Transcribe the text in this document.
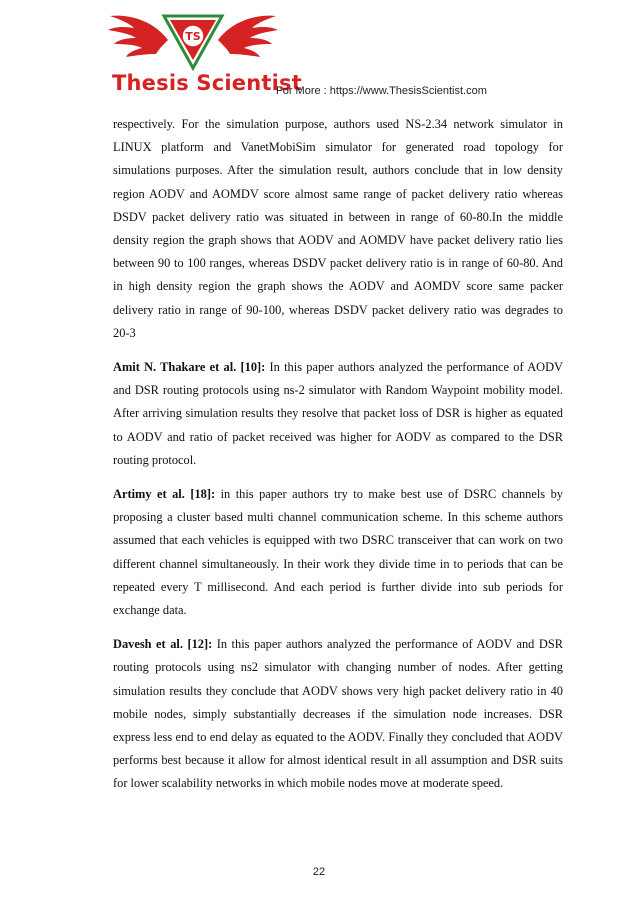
TS
Thesis Scientist
For More : https://www.ThesisScientist.com

respectively. For the simulation purpose, authors used NS-2.34 network simulator in LINUX platform and VanetMobiSim simulator for generated road topology for simulations purposes. After the simulation result, authors conclude that in low density region AODV and AOMDV score almost same range of packet delivery ratio whereas DSDV packet delivery ratio was situated in between in range of 60-80.In the middle density region the graph shows that AODV and AOMDV have packet delivery ratio lies between 90 to 100 ranges, whereas DSDV packet delivery ratio is in range of 60-80. And in high density region the graph shows the AODV and AOMDV score same packer delivery ratio in range of 90-100, whereas DSDV packet delivery ratio was degrades to 20-3

Amit N. Thakare et al. [10]: In this paper authors analyzed the performance of AODV and DSR routing protocols using ns-2 simulator with Random Waypoint mobility model. After arriving simulation results they resolve that packet loss of DSR is higher as equated to AODV and ratio of packet received was higher for AODV as compared to the DSR routing protocol.

Artimy et al. [18]: in this paper authors try to make best use of DSRC channels by proposing a cluster based multi channel communication scheme. In this scheme authors assumed that each vehicles is equipped with two DSRC transceiver that can work on two different channel simultaneously. In their work they divide time in to periods that can be repeated every T millisecond. And each period is further divide into sub periods for exchange data.

Davesh et al. [12]: In this paper authors analyzed the performance of AODV and DSR routing protocols using ns2 simulator with changing number of nodes. After getting simulation results they conclude that AODV shows very high packet delivery ratio in 40 mobile nodes, simply substantially decreases if the simulation node increases. DSR express less end to end delay as equated to the AODV. Finally they concluded that AODV performs best because it allow for almost identical result in all assumption and DSR suits for lower scalability networks in which mobile nodes move at moderate speed.

22
